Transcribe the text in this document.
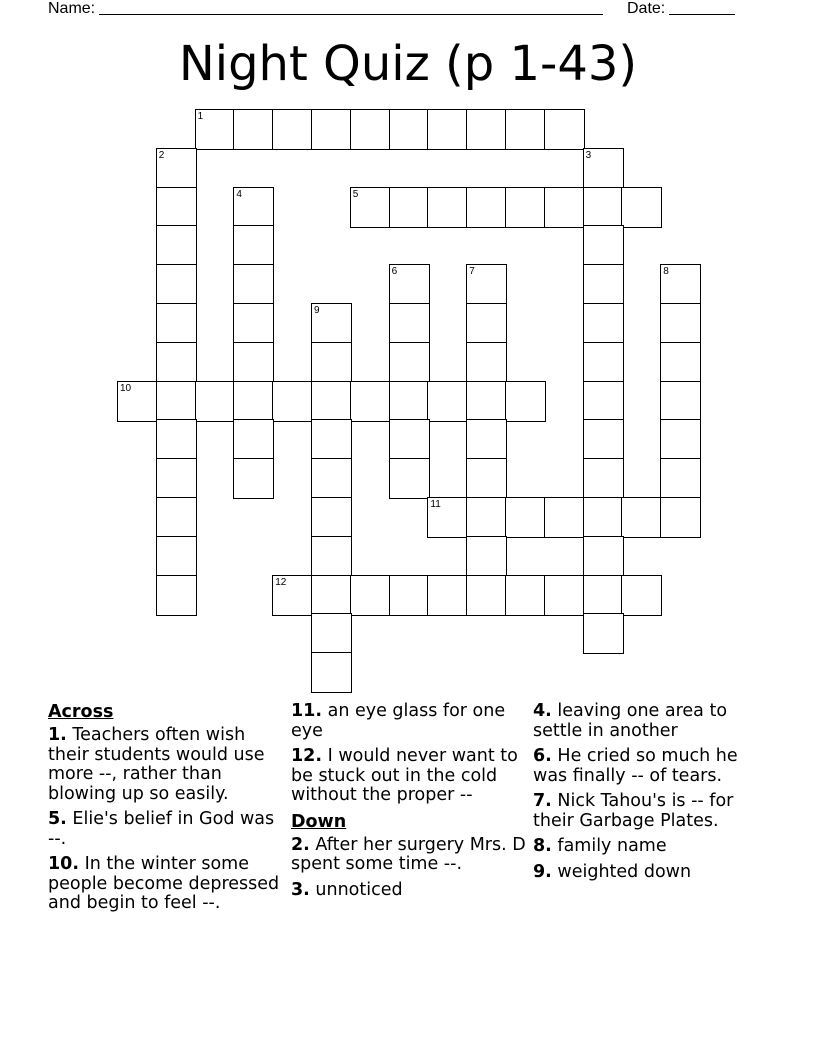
Name:	Date:
Night Quiz (p 1-43)
1
2	3
4	5
6	7	8
9
10
11
12
Across
1. Teachers often wish their students would use more --, rather than blowing up so easily.
5. Elie's belief in God was --.
10. In the winter some people become depressed and begin to feel --.
11. an eye glass for one eye
12. I would never want to be stuck out in the cold without the proper --
Down
2. After her surgery Mrs. D spent some time --.
3. unnoticed
4. leaving one area to settle in another
6. He cried so much he was finally -- of tears.
7. Nick Tahou's is -- for their Garbage Plates.
8. family name
9. weighted down
